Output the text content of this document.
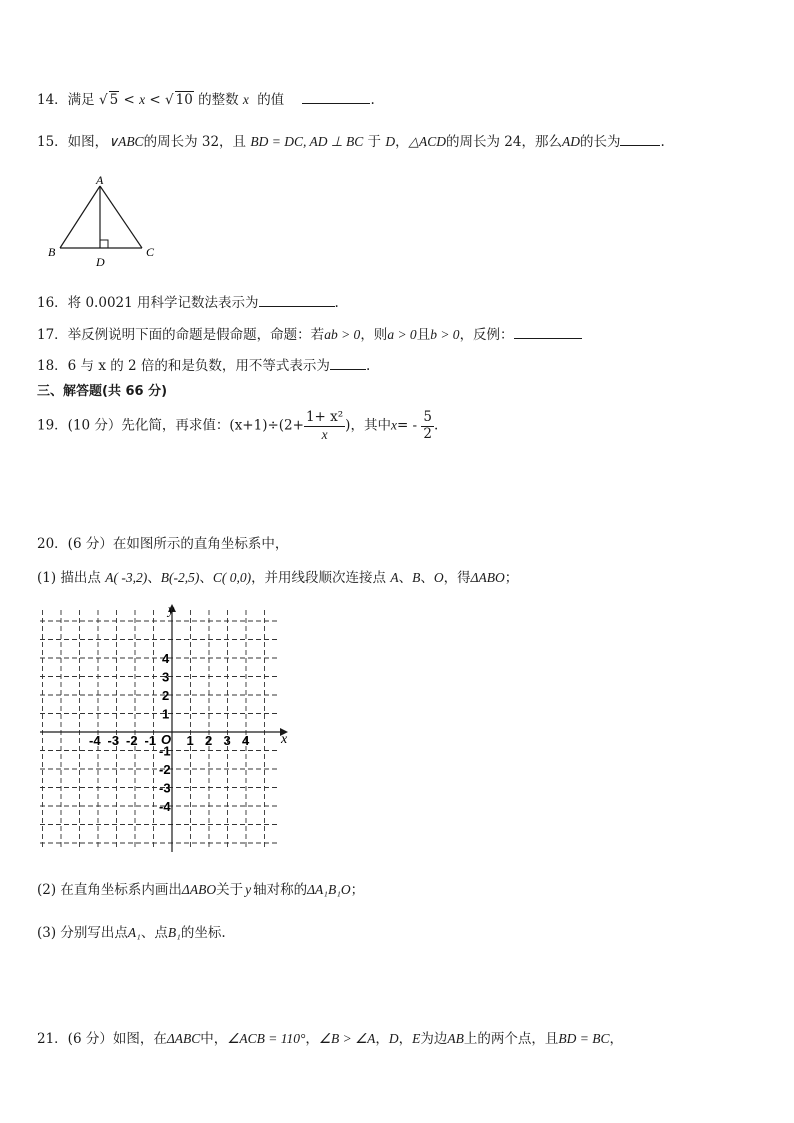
14．满足 √ 5 < x < √ 10 的整数 x 的值	.
15．如图，∨ABC的周长为 32，且 BD = DC, AD ⊥ BC 于 D，△ACD的周长为 24，那么AD的长为	.
A
B	C
D
16．将 0.0021 用科学记数法表示为	.
17．举反例说明下面的命题是假命题，命题：若ab > 0，则a > 0且b > 0，反例：
18．6 与 x 的 2 倍的和是负数，用不等式表示为	.
三、解答题(共 66 分)
19．(10 分）先化简，再求值：$(x+1)\div(2+ \frac{\text{1+ x²}}{x}$ )，其中$x= - \frac{5}{2}$ .
20．(6 分）在如图所示的直角坐标系中，
(1) 描出点 A( -3,2)、B(-2,5)、C( 0,0)，并用线段顺次连接点 A、B、O，得ΔABO；
x
y
O
-4 -3 -2 -1 1 2 3 4
4
3
2
1
-1
-2
-3
-4
(2) 在直角坐标系内画出ΔABO关于 y 轴对称的ΔA₁B₁O；
(3) 分别写出点A₁、点B₁的坐标.
21．(6 分）如图，在ΔABC中，∠ACB = 110°，∠B > ∠A，D，E为边AB上的两个点，且BD = BC，
